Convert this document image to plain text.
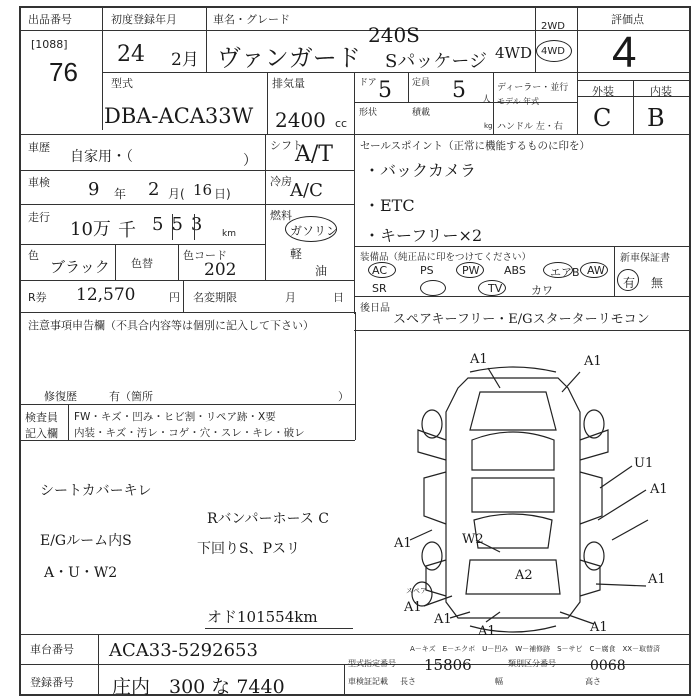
出品番号
[1088]
76
初度登録年月
24 2月
車名・グレード
240S
ヴァンガード Sパッケージ 4WD
2WD
4WD
評価点
4
外装	内装
C B
型式
DBA-ACA33W
排気量
2400 cc
ドア 5 定員 5 人
形状	積載
kg
ディーラー・並行
モデル 年式
ハンドル 左・右
車歴
自家用・（	）
シフト
A/T
車検 9 年 2 月( 16 日)
冷房
A/C
走行
10万 千 553 km
燃料
ガソリン
軽
油
色
ブラック 色替
色コード
202
R券 12,570	円 名変期限	月	日
セールスポイント（正常に機能するものに印を）
・バックカメラ
・ETC
・キーフリー×2
装備品（純正品に印をつけてください）
AC	PS	PW ABS エアB AW
SR	TV	カワ
新車保証書
有 無
後日品
スペアキーフリー・E/Gスターターリモコン
注意事項申告欄（不具合内容等は個別に記入して下さい）
修復歴	有（箇所	）
検査員
記入欄
FW・キズ・凹み・ヒビ割・リペア跡・X要
内装・キズ・汚レ・コゲ・穴・スレ・キレ・破レ
シートカバーキレ
E/Gルーム内S
A・U・W2
Rバンパーホース C
下回りS、Pスリ
オド101554km
A1	A1
U1
A1
A1	W2
A2	A1
A1
A1
A1	A1
スペア
A－キズ　E－エクボ　U－凹み　W－補修跡　S－サビ　C－腐食　XX－取替済
車台番号 ACA33-5292653
登録番号 庄内　300 な 7440
型式指定番号 15806	類別区分番号 0068
車検証記載 長さ	幅	高さ
